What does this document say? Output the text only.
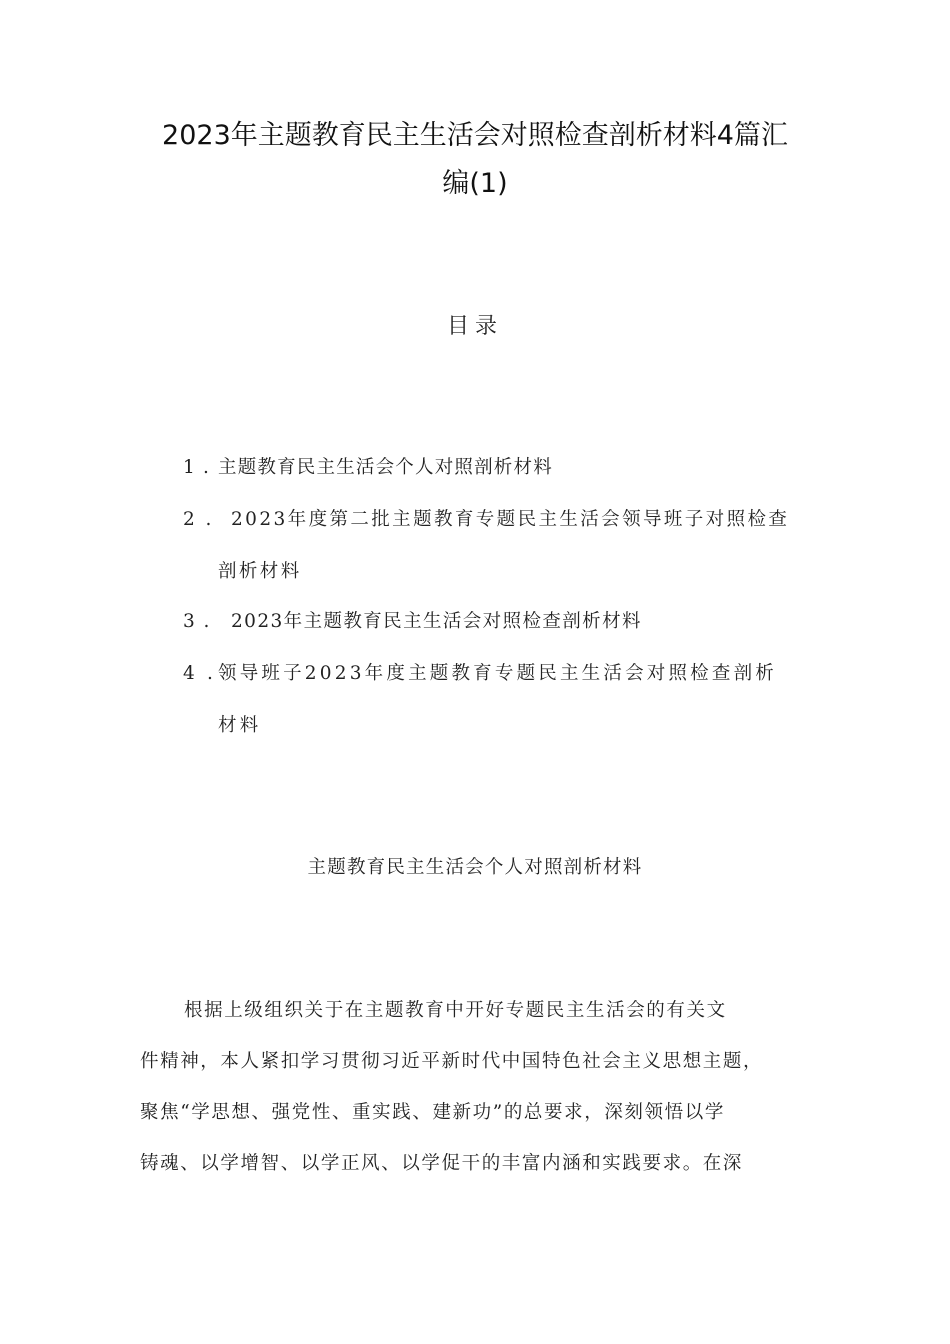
2023年主题教育民主生活会对照检查剖析材料4篇汇
编(1)
目录
1 . 主题教育民主生活会个人对照剖析材料
2 . 2023年度第二批主题教育专题民主生活会领导班子对照检查
剖析材料
3 . 2023年主题教育民主生活会对照检查剖析材料
4 . 领导班子2023年度主题教育专题民主生活会对照检查剖析
材料
主题教育民主生活会个人对照剖析材料
根据上级组织关于在主题教育中开好专题民主生活会的有关文
件精神，本人紧扣学习贯彻习近平新时代中国特色社会主义思想主题，
聚焦“学思想、强党性、重实践、建新功”的总要求，深刻领悟以学
铸魂、以学增智、以学正风、以学促干的丰富内涵和实践要求。在深
